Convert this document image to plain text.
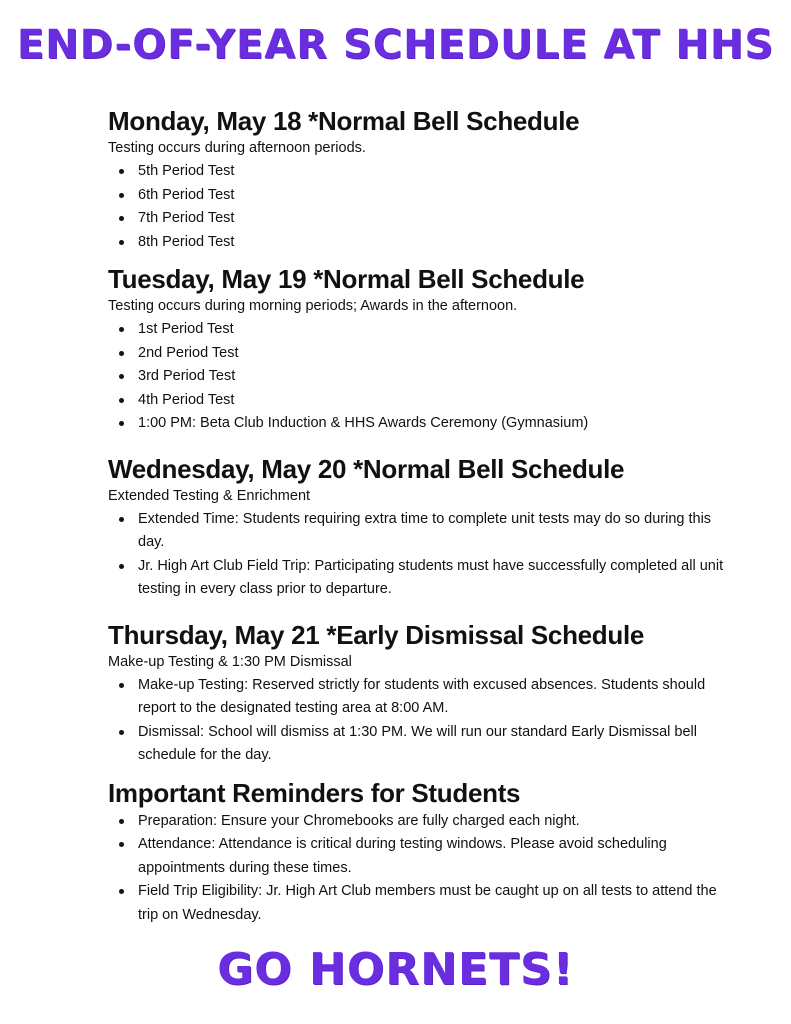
END-OF-YEAR SCHEDULE AT HHS
Monday, May 18 *Normal Bell Schedule

Testing occurs during afternoon periods.

5th Period Test
6th Period Test
7th Period Test
8th Period Test
Tuesday, May 19 *Normal Bell Schedule

Testing occurs during morning periods; Awards in the afternoon.

1st Period Test
2nd Period Test
3rd Period Test
4th Period Test
1:00 PM: Beta Club Induction & HHS Awards Ceremony (Gymnasium)
Wednesday, May 20 *Normal Bell Schedule

Extended Testing & Enrichment

Extended Time: Students requiring extra time to complete unit tests may do so during this day.
Jr. High Art Club Field Trip: Participating students must have successfully completed all unit testing in every class prior to departure.
Thursday, May 21 *Early Dismissal Schedule

Make-up Testing & 1:30 PM Dismissal

Make-up Testing: Reserved strictly for students with excused absences. Students should report to the designated testing area at 8:00 AM.
Dismissal: School will dismiss at 1:30 PM. We will run our standard Early Dismissal bell schedule for the day.
Important Reminders for Students
Preparation: Ensure your Chromebooks are fully charged each night.
Attendance: Attendance is critical during testing windows. Please avoid scheduling appointments during these times.
Field Trip Eligibility: Jr. High Art Club members must be caught up on all tests to attend the trip on Wednesday.
GO HORNETS!
